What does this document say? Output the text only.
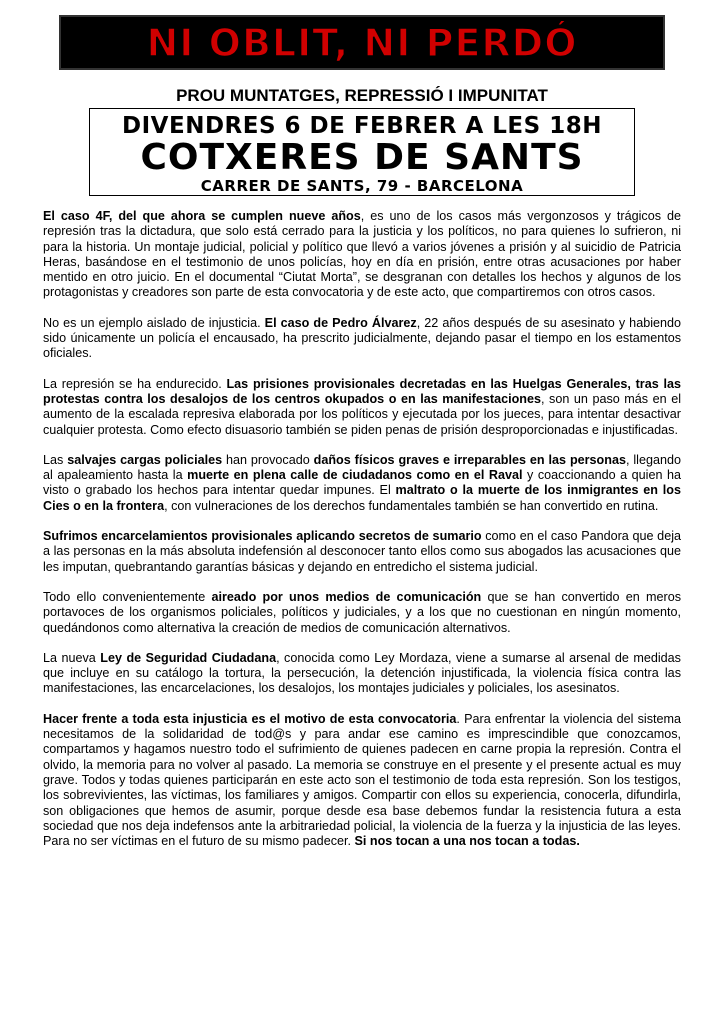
NI OBLIT, NI PERDÓ
PROU MUNTATGES, REPRESSIÓ I IMPUNITAT
DIVENDRES 6 DE FEBRER A LES 18H
COTXERES DE SANTS
CARRER DE SANTS, 79 - BARCELONA

El caso 4F, del que ahora se cumplen nueve años, es uno de los casos más vergonzosos y trágicos de represión tras la dictadura, que solo está cerrado para la justicia y los políticos, no para quienes lo sufrieron, ni para la historia. Un montaje judicial, policial y político que llevó a varios jóvenes a prisión y al suicidio de Patricia Heras, basándose en el testimonio de unos policías, hoy en día en prisión, entre otras acusaciones por haber mentido en otro juicio. En el documental “Ciutat Morta”, se desgranan con detalles los hechos y algunos de los protagonistas y creadores son parte de esta convocatoria y de este acto, que compartiremos con otros casos.

No es un ejemplo aislado de injusticia. El caso de Pedro Álvarez, 22 años después de su asesinato y habiendo sido únicamente un policía el encausado, ha prescrito judicialmente, dejando pasar el tiempo en los estamentos oficiales.

La represión se ha endurecido. Las prisiones provisionales decretadas en las Huelgas Generales, tras las protestas contra los desalojos de los centros okupados o en las manifestaciones, son un paso más en el aumento de la escalada represiva elaborada por los políticos y ejecutada por los jueces, para intentar desactivar cualquier protesta. Como efecto disuasorio también se piden penas de prisión desproporcionadas e injustificadas.

Las salvajes cargas policiales han provocado daños físicos graves e irreparables en las personas, llegando al apaleamiento hasta la muerte en plena calle de ciudadanos como en el Raval y coaccionando a quien ha visto o grabado los hechos para intentar quedar impunes. El maltrato o la muerte de los inmigrantes en los Cies o en la frontera, con vulneraciones de los derechos fundamentales también se han convertido en rutina.

Sufrimos encarcelamientos provisionales aplicando secretos de sumario como en el caso Pandora que deja a las personas en la más absoluta indefensión al desconocer tanto ellos como sus abogados las acusaciones que les imputan, quebrantando garantías básicas y dejando en entredicho el sistema judicial.

Todo ello convenientemente aireado por unos medios de comunicación que se han convertido en meros portavoces de los organismos policiales, políticos y judiciales, y a los que no cuestionan en ningún momento, quedándonos como alternativa la creación de medios de comunicación alternativos.

La nueva Ley de Seguridad Ciudadana, conocida como Ley Mordaza, viene a sumarse al arsenal de medidas que incluye en su catálogo la tortura, la persecución, la detención injustificada, la violencia física contra las manifestaciones, las encarcelaciones, los desalojos, los montajes judiciales y policiales, los asesinatos.

Hacer frente a toda esta injusticia es el motivo de esta convocatoria. Para enfrentar la violencia del sistema necesitamos de la solidaridad de tod@s y para andar ese camino es imprescindible que conozcamos, compartamos y hagamos nuestro todo el sufrimiento de quienes padecen en carne propia la represión. Contra el olvido, la memoria para no volver al pasado. La memoria se construye en el presente y el presente actual es muy grave. Todos y todas quienes participarán en este acto son el testimonio de toda esta represión. Son los testigos, los sobrevivientes, las víctimas, los familiares y amigos. Compartir con ellos su experiencia, conocerla, difundirla, son obligaciones que hemos de asumir, porque desde esa base debemos fundar la resistencia futura a esta sociedad que nos deja indefensos ante la arbitrariedad policial, la violencia de la fuerza y la injusticia de las leyes. Para no ser víctimas en el futuro de su mismo padecer. Si nos tocan a una nos tocan a todas.
